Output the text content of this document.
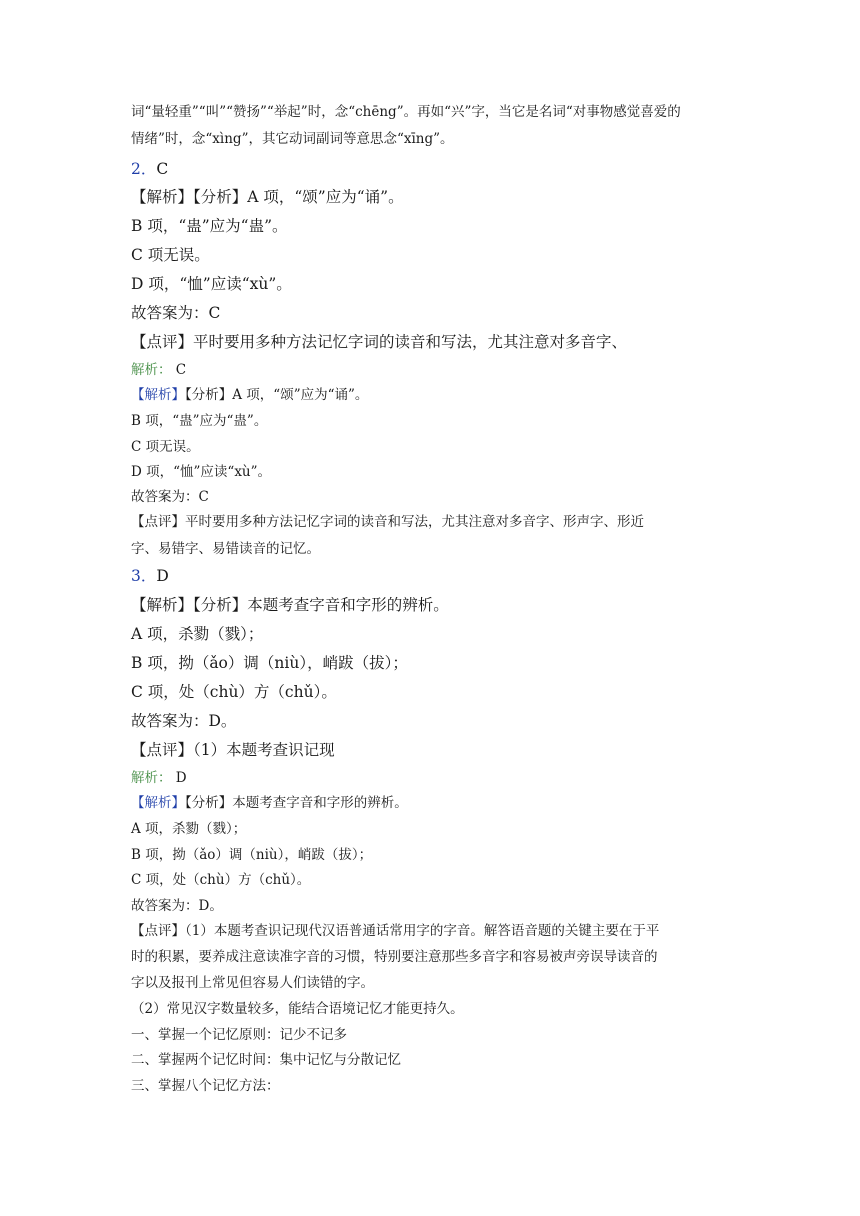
词“量轻重”“叫”“赞扬”“举起”时，念“chēng”。再如“兴”字，当它是名词“对事物感觉喜爱的
情绪”时，念“xìng”，其它动词副词等意思念“xīng”。
2．C
【解析】【分析】A 项，“颂”应为“诵”。
B 项，“蛊”应为“蛊”。
C 项无误。
D 项，“恤”应读“xù”。
故答案为：C
【点评】平时要用多种方法记忆字词的读音和写法，尤其注意对多音字、
解析： C
【解析】【分析】A 项，“颂”应为“诵”。
B 项，“蛊”应为“蛊”。
C 项无误。
D 项，“恤”应读“xù”。
故答案为：C
【点评】平时要用多种方法记忆字词的读音和写法，尤其注意对多音字、形声字、形近
字、易错字、易错读音的记忆。
3．D
【解析】【分析】本题考查字音和字形的辨析。
A 项，杀勠（戮）；
B 项，拗（ǎo）调（niù），峭跋（拔）；
C 项，处（chù）方（chǔ）。
故答案为：D。
【点评】（1）本题考查识记现
解析： D
【解析】【分析】本题考查字音和字形的辨析。
A 项，杀勠（戮）；
B 项，拗（ǎo）调（niù），峭跋（拔）；
C 项，处（chù）方（chǔ）。
故答案为：D。
【点评】（1）本题考查识记现代汉语普通话常用字的字音。解答语音题的关键主要在于平
时的积累，要养成注意读准字音的习惯，特别要注意那些多音字和容易被声旁误导读音的
字以及报刊上常见但容易人们读错的字。
（2）常见汉字数量较多，能结合语境记忆才能更持久。
一、掌握一个记忆原则：记少不记多
二、掌握两个记忆时间：集中记忆与分散记忆
三、掌握八个记忆方法：
